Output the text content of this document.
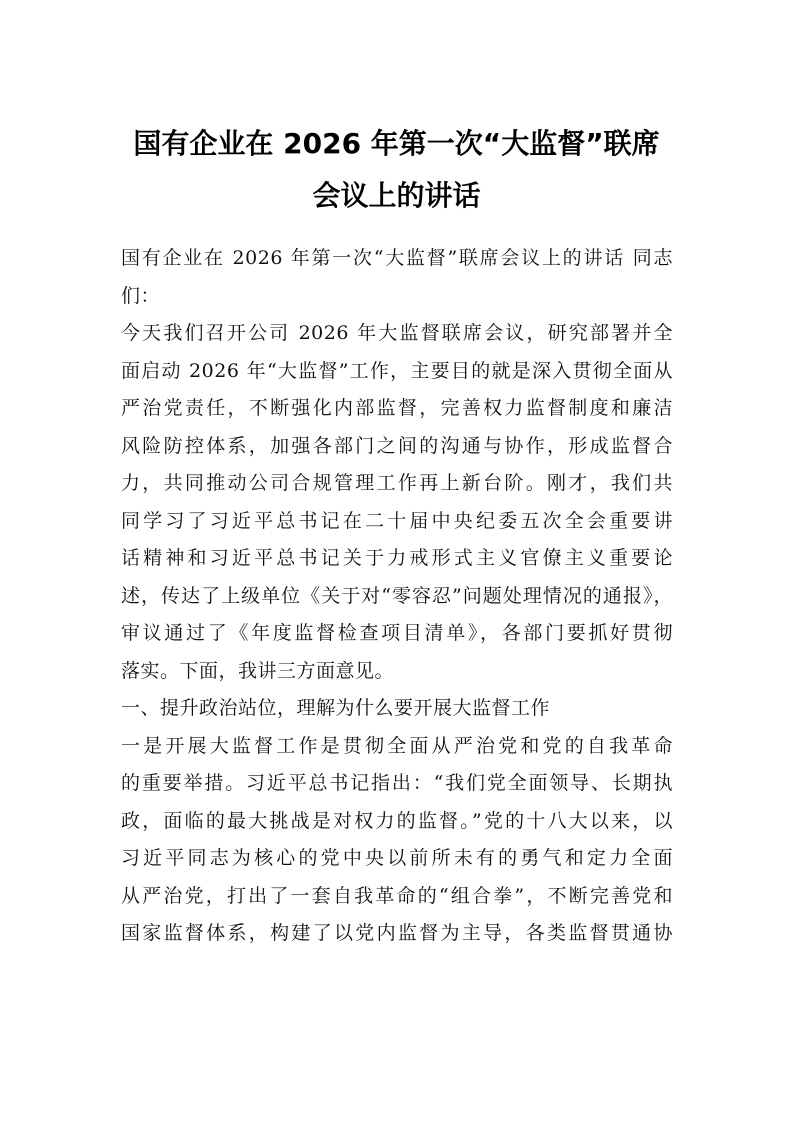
国有企业在 2026 年第一次“大监督”联席
会议上的讲话
国有企业在 2026 年第一次“大监督”联席会议上的讲话 同志
们：
今天我们召开公司 2026 年大监督联席会议，研究部署并全
面启动 2026 年“大监督”工作，主要目的就是深入贯彻全面从
严治党责任，不断强化内部监督，完善权力监督制度和廉洁
风险防控体系，加强各部门之间的沟通与协作，形成监督合
力，共同推动公司合规管理工作再上新台阶。刚才，我们共
同学习了习近平总书记在二十届中央纪委五次全会重要讲
话精神和习近平总书记关于力戒形式主义官僚主义重要论
述，传达了上级单位《关于对“零容忍”问题处理情况的通报》，
审议通过了《年度监督检查项目清单》，各部门要抓好贯彻
落实。下面，我讲三方面意见。
一、提升政治站位，理解为什么要开展大监督工作
一是开展大监督工作是贯彻全面从严治党和党的自我革命
的重要举措。习近平总书记指出：“我们党全面领导、长期执
政，面临的最大挑战是对权力的监督。”党的十八大以来，以
习近平同志为核心的党中央以前所未有的勇气和定力全面
从严治党，打出了一套自我革命的“组合拳”，不断完善党和
国家监督体系，构建了以党内监督为主导，各类监督贯通协
